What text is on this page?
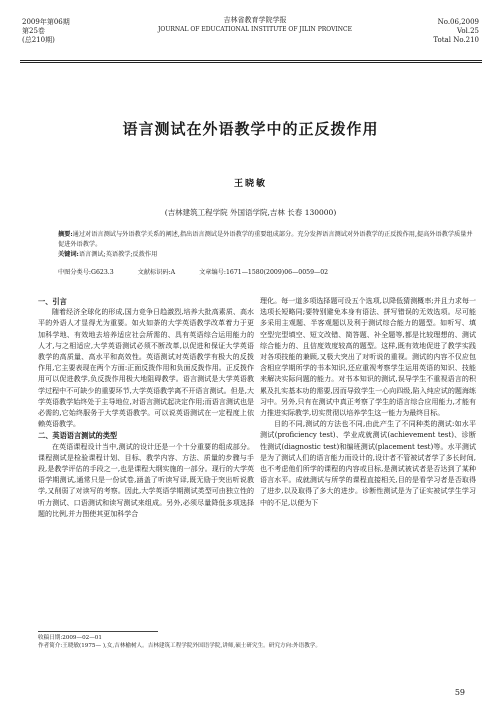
2009年第06期
第25卷
(总210期)
吉林省教育学院学报
JOURNAL OF EDUCATIONAL INSTITUTE OF JILIN PROVINCE
No.06,2009
Vol.25
Total No.210
语言测试在外语教学中的正反拨作用
王晓敏
(吉林建筑工程学院 外国语学院,吉林 长春 130000)
摘要:通过对语言测试与外语教学关系的阐述,指出语言测试是外语教学的重要组成部分。充分发挥语言测试对外语教学的正反拨作用,提高外语教学质量并促进外语教学。
关键词:语言测试;英语教学;反拨作用
中图分类号:G623.3	文献标识码:A	文章编号:1671—1580(2009)06—0059—02
一、引言

随着经济全球化的形成,国力竞争日趋激烈,培养大批高素质、高水平的外语人才显得尤为重要。如火如荼的大学英语教学改革着力于更加科学地、有效地去培养适应社会所需的、具有英语综合运用能力的人才,与之相适应,大学英语测试必须不断改革,以促进和保证大学英语教学的高质量、高水平和高效性。英语测试对英语教学有极大的反拨作用,它主要表现在两个方面:正面反拨作用和负面反拨作用。正反拨作用可以促进教学,负反拨作用极大地阻碍教学。语言测试是大学英语教学过程中不可缺少的重要环节,大学英语教学离不开语言测试。但是,大学英语教学始终处于主导地位,对语言测试起决定作用;而语言测试也是必需的,它始终服务于大学英语教学。可以说英语测试在一定程度上依赖英语教学。

二、英语语言测试的类型

在英语课程设计当中,测试的设计还是一个十分重要的组成部分。课程测试是检验课程计划、目标、教学内容、方法、质量的步骤与手段,是教学评估的手段之一,也是课程大纲实施的一部分。现行的大学英语学期测试,通常只是一份试卷,涵盖了听读写译,既无励于突出听说教学,又削弱了对读写的考察。因此,大学英语学期测试类型可由独立性的听力测试、口语测试和读写测试来组成。另外,必须尽量降低多项选择题的比例,并力图使其更加科学合

理化。每一道多项选择题可设五个选项,以降低猜测概率;并且力求每一选项长短略同;要特别避免本身有语法、拼写错误的无效选项。尽可能多采用主观题、半客观题以及利于测试综合能力的题型。如听写、填空型完型填空、短文改错、简答题、补全题等,都是比较理想的、测试综合能力的、且信度效度较高的题型。这样,既有效地促进了教学实践对各项技能的兼顾,又极大突出了对听说的重视。测试的内容不仅应包含相应学期所学的书本知识,还应重视考察学生运用英语的知识、技能来解决实际问题的能力。对书本知识的测试,误导学生不重视语言的积累及扎实基本功的需要,因而导致学生一心向四级,陷入纯应试的题海练习中。另外,只有在测试中真正考察了学生的语言综合应用能力,才能有力推进实际教学,切实贯彻以培养学生这一能力为最终目标。

目的不同,测试的方法也不同,由此产生了不同种类的测试:如水平测试(proficiency test)、学业成就测试(achievement test)、诊断性测试(diagnostic test)和编班测试(placement test)等。水平测试是为了测试人们的语言能力而设计的,设计者不管被试者学了多长时间,也不考虑他们所学的课程的内容或目标,是测试被试者是否达到了某种语言水平。成就测试与所学的课程直接相关,目的是看学习者是否取得了进步,以及取得了多大的进步。诊断性测试是为了证实被试学生学习中的不足,以便为下

收稿日期:2009—02—01
作者简介:王晓敏(1975— ),女,吉林榆树人。吉林建筑工程学院外国语学院,讲师,硕士研究生。研究方向:外语教学。
59
